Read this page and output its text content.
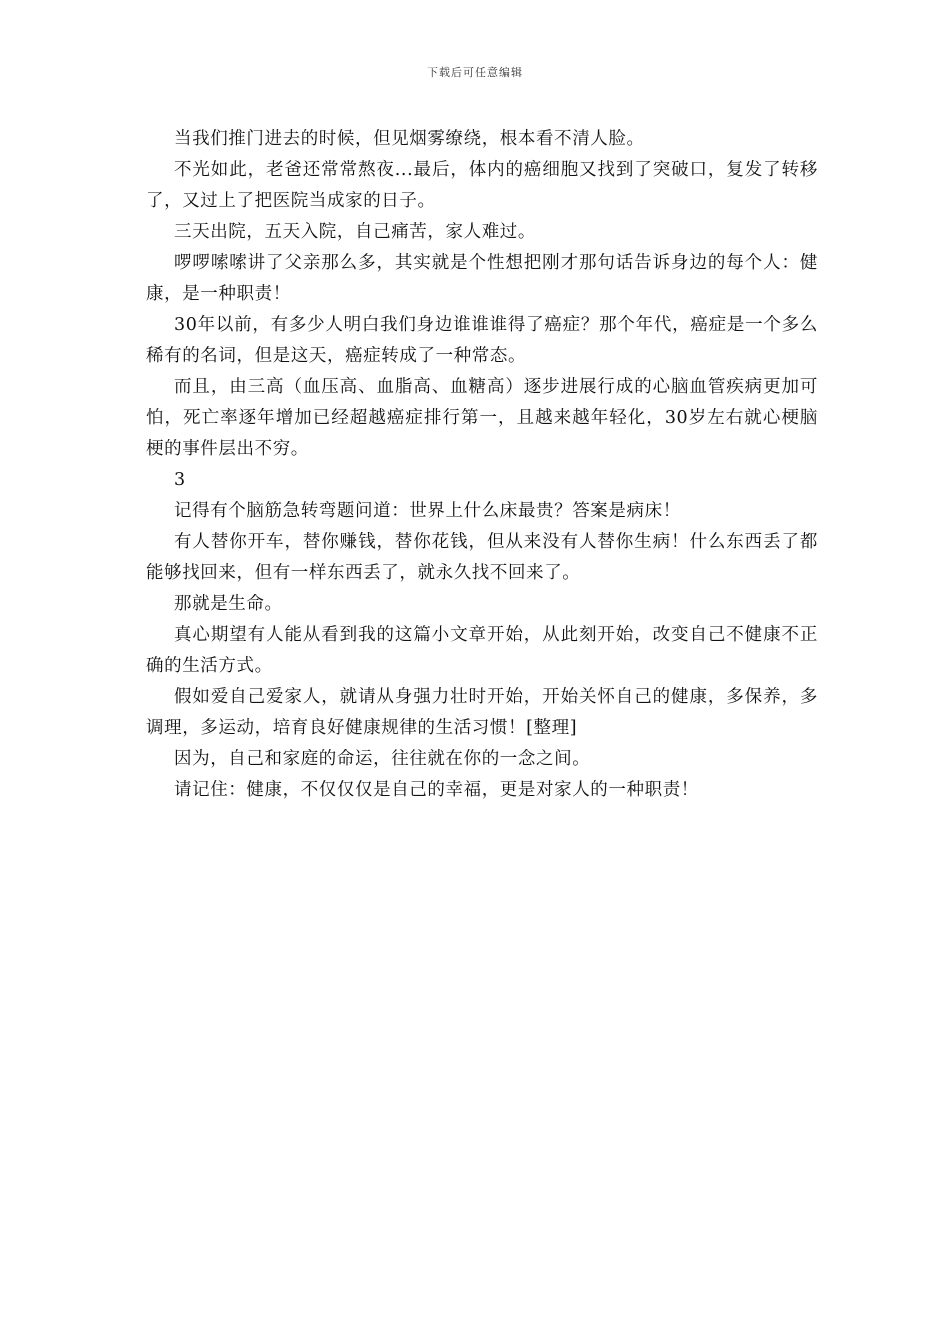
下载后可任意编辑

当我们推门进去的时候，但见烟雾缭绕，根本看不清人脸。

不光如此，老爸还常常熬夜...最后，体内的癌细胞又找到了突破口，复发了转移了，又过上了把医院当成家的日子。

三天出院，五天入院，自己痛苦，家人难过。

啰啰嗦嗦讲了父亲那么多，其实就是个性想把刚才那句话告诉身边的每个人：健康，是一种职责！

30年以前，有多少人明白我们身边谁谁谁得了癌症？那个年代，癌症是一个多么稀有的名词，但是这天，癌症转成了一种常态。

而且，由三高（血压高、血脂高、血糖高）逐步进展行成的心脑血管疾病更加可怕，死亡率逐年增加已经超越癌症排行第一，且越来越年轻化，30岁左右就心梗脑梗的事件层出不穷。

3

记得有个脑筋急转弯题问道：世界上什么床最贵？答案是病床！

有人替你开车，替你赚钱，替你花钱，但从来没有人替你生病！什么东西丢了都能够找回来，但有一样东西丢了，就永久找不回来了。

那就是生命。

真心期望有人能从看到我的这篇小文章开始，从此刻开始，改变自己不健康不正确的生活方式。

假如爱自己爱家人，就请从身强力壮时开始，开始关怀自己的健康，多保养，多调理，多运动，培育良好健康规律的生活习惯！[整理]

因为，自己和家庭的命运，往往就在你的一念之间。

请记住：健康，不仅仅仅是自己的幸福，更是对家人的一种职责！
